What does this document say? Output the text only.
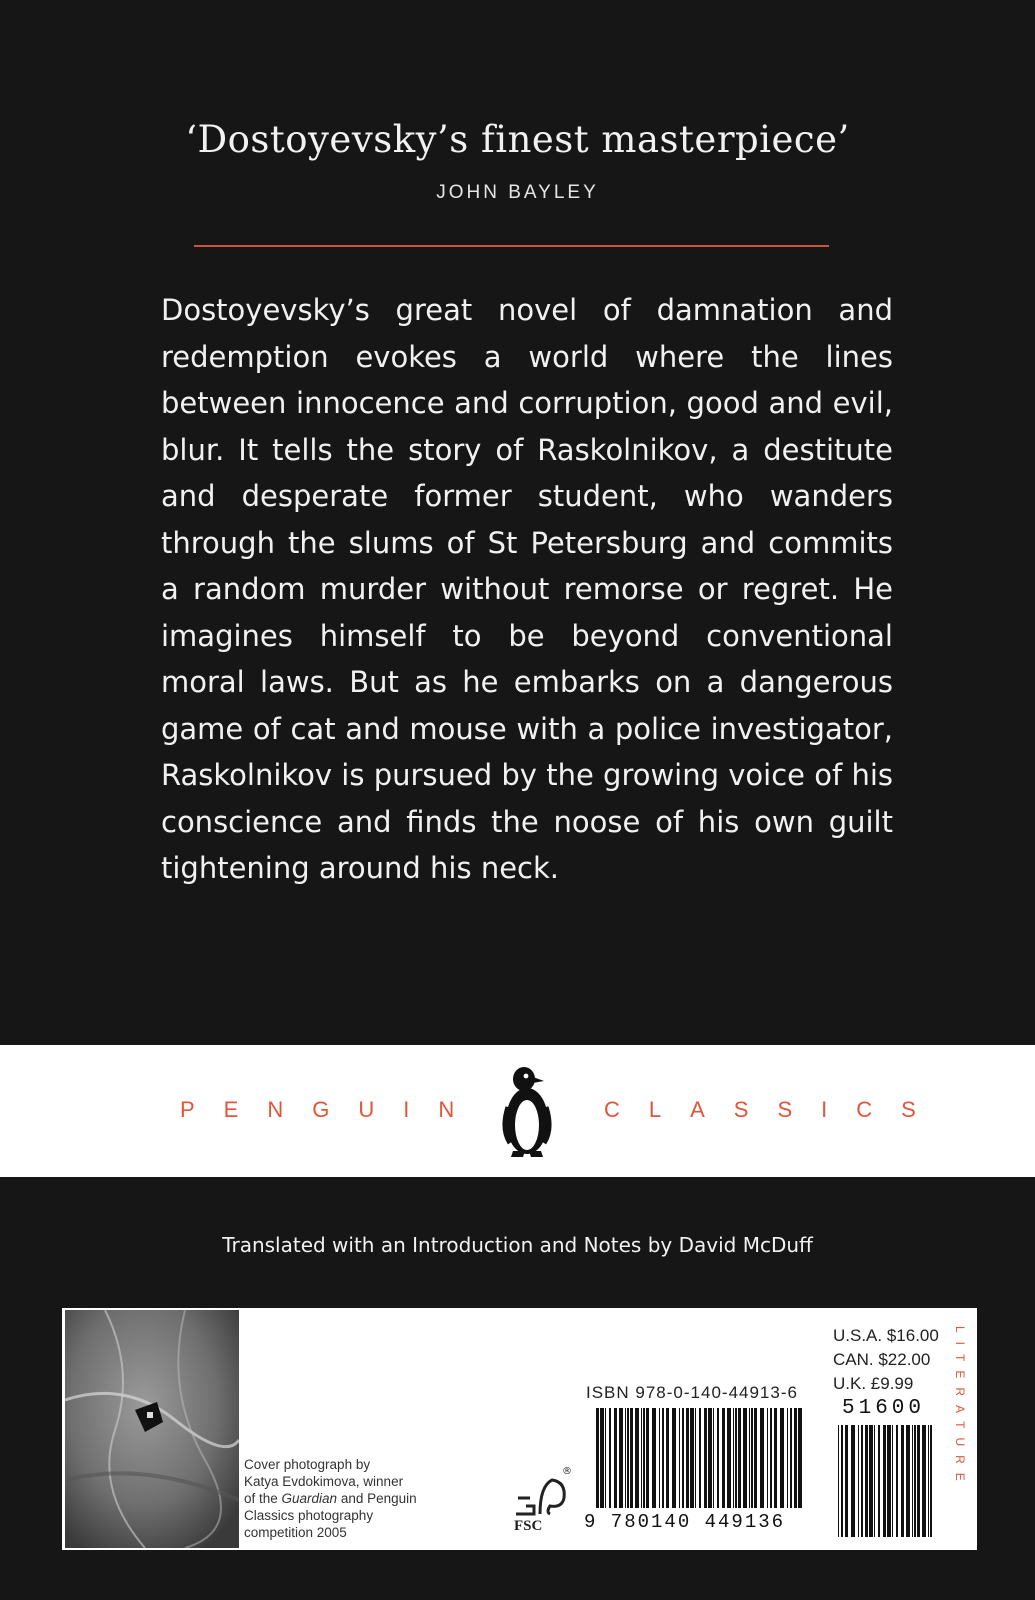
‘Dostoyevsky’s finest masterpiece’
JOHN BAYLEY

Dostoyevsky’s great novel of damnation and redemption evokes a world where the lines between innocence and corruption, good and evil, blur. It tells the story of Raskolnikov, a destitute and desperate former student, who wanders through the slums of St Petersburg and commits a random murder without remorse or regret. He imagines himself to be beyond conventional moral laws. But as he embarks on a dangerous game of cat and mouse with a police investigator, Raskolnikov is pursued by the growing voice of his conscience and finds the noose of his own guilt tightening around his neck.

PENGUIN	CLASSICS
Translated with an Introduction and Notes by David McDuff
Cover photograph by
Katya Evdokimova, winner
of the Guardian and Penguin
Classics photography
competition 2005
®
FSC
ISBN 978-0-140-44913-6
9 780140 449136
U.S.A. $16.00
CAN. $22.00
U.K. £9.99
51600	LITERATURE
